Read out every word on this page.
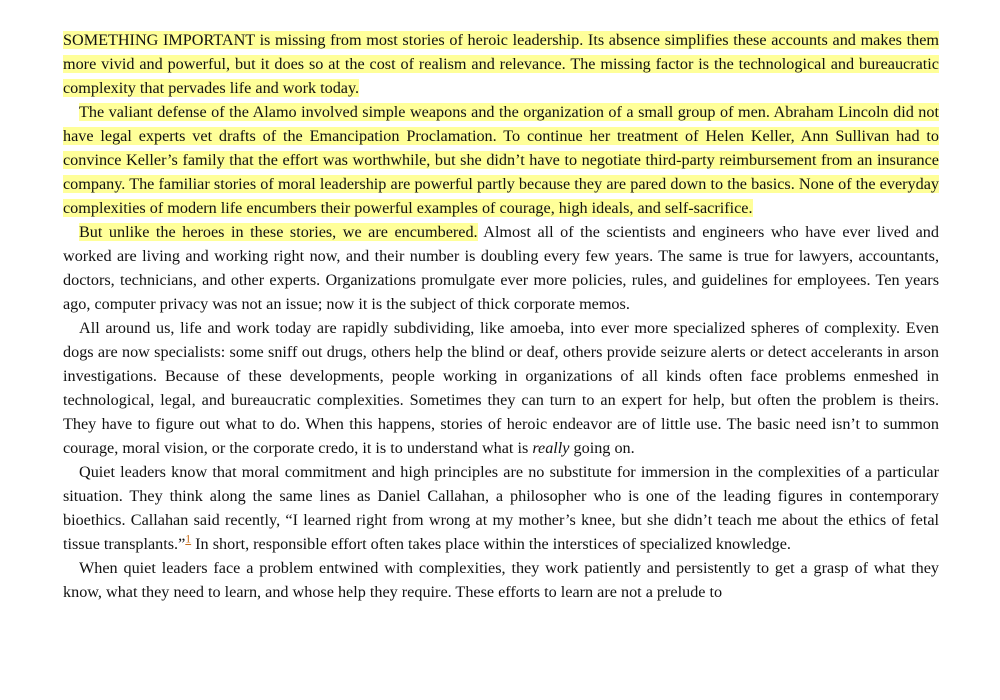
SOMETHING IMPORTANT is missing from most stories of heroic leadership. Its absence simplifies these accounts and makes them more vivid and powerful, but it does so at the cost of realism and relevance. The missing factor is the technological and bureaucratic complexity that pervades life and work today.

The valiant defense of the Alamo involved simple weapons and the organization of a small group of men. Abraham Lincoln did not have legal experts vet drafts of the Emancipation Proclamation. To continue her treatment of Helen Keller, Ann Sullivan had to convince Keller’s family that the effort was worthwhile, but she didn’t have to negotiate third-party reimbursement from an insurance company. The familiar stories of moral leadership are powerful partly because they are pared down to the basics. None of the everyday complexities of modern life encumbers their powerful examples of courage, high ideals, and self-sacrifice.

But unlike the heroes in these stories, we are encumbered. Almost all of the scientists and engineers who have ever lived and worked are living and working right now, and their number is doubling every few years. The same is true for lawyers, accountants, doctors, technicians, and other experts. Organizations promulgate ever more policies, rules, and guidelines for employees. Ten years ago, computer privacy was not an issue; now it is the subject of thick corporate memos.

All around us, life and work today are rapidly subdividing, like amoeba, into ever more specialized spheres of complexity. Even dogs are now specialists: some sniff out drugs, others help the blind or deaf, others provide seizure alerts or detect accelerants in arson investigations. Because of these developments, people working in organizations of all kinds often face problems enmeshed in technological, legal, and bureaucratic complexities. Sometimes they can turn to an expert for help, but often the problem is theirs. They have to figure out what to do. When this happens, stories of heroic endeavor are of little use. The basic need isn’t to summon courage, moral vision, or the corporate credo, it is to understand what is really going on.

Quiet leaders know that moral commitment and high principles are no substitute for immersion in the complexities of a particular situation. They think along the same lines as Daniel Callahan, a philosopher who is one of the leading figures in contemporary bioethics. Callahan said recently, “I learned right from wrong at my mother’s knee, but she didn’t teach me about the ethics of fetal tissue transplants.”$^1$ In short, responsible effort often takes place within the interstices of specialized knowledge.

When quiet leaders face a problem entwined with complexities, they work patiently and persistently to get a grasp of what they know, what they need to learn, and whose help they require. These efforts to learn are not a prelude to
